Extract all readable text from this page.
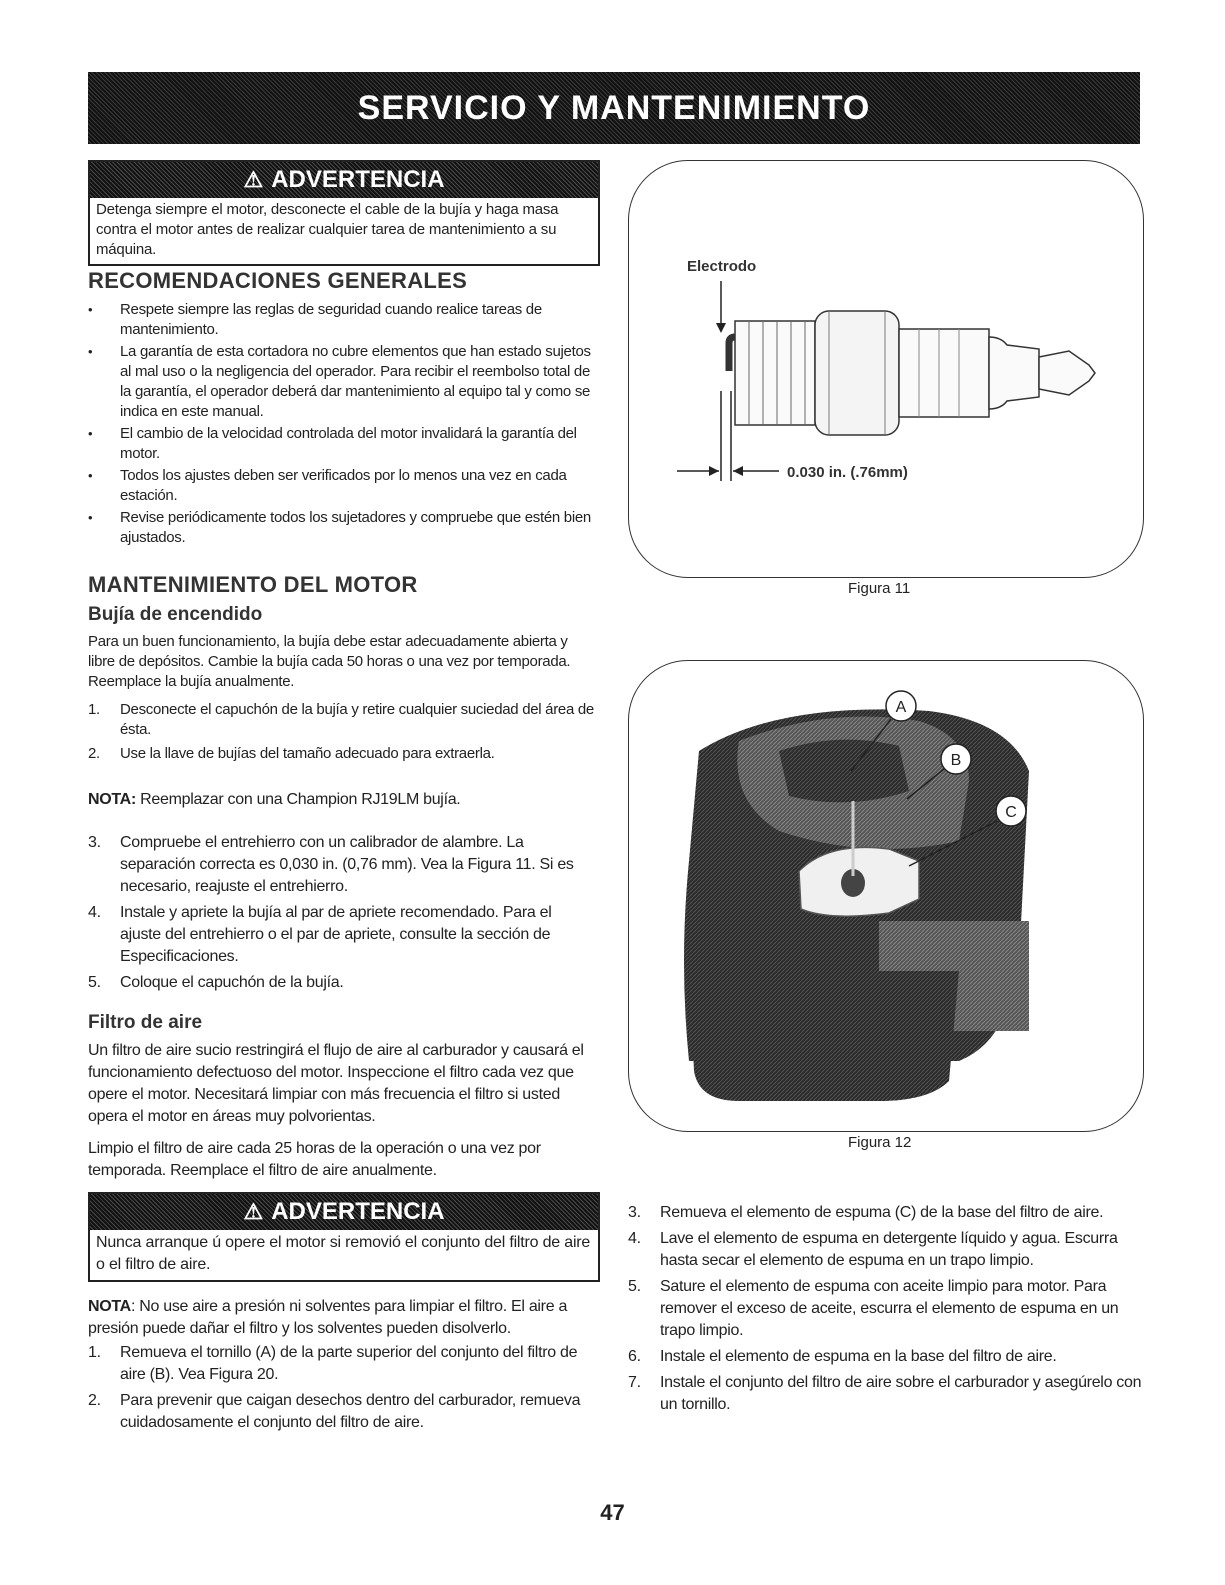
SERVICIO Y MANTENIMIENTO
⚠ ADVERTENCIA
Detenga siempre el motor, desconecte el cable de la bujía y haga masa contra el motor antes de realizar cualquier tarea de mantenimiento a su máquina.
RECOMENDACIONES GENERALES
• Respete siempre las reglas de seguridad cuando realice tareas de mantenimiento.
• La garantía de esta cortadora no cubre elementos que han estado sujetos al mal uso o la negligencia del operador. Para recibir el reembolso total de la garantía, el operador deberá dar mantenimiento al equipo tal y como se indica en este manual.
• El cambio de la velocidad controlada del motor invalidará la garantía del motor.
• Todos los ajustes deben ser verificados por lo menos una vez en cada estación.
• Revise periódicamente todos los sujetadores y compruebe que estén bien ajustados.
MANTENIMIENTO DEL MOTOR
Bujía de encendido
Para un buen funcionamiento, la bujía debe estar adecuadamente abierta y libre de depósitos. Cambie la bujía cada 50 horas o una vez por temporada. Reemplace la bujía anualmente.
1. Desconecte el capuchón de la bujía y retire cualquier suciedad del área de ésta.
2. Use la llave de bujías del tamaño adecuado para extraerla.
NOTA: Reemplazar con una Champion RJ19LM bujía.
3. Compruebe el entrehierro con un calibrador de alambre. La separación correcta es 0,030 in. (0,76 mm). Vea la Figura 11. Si es necesario, reajuste el entrehierro.
4. Instale y apriete la bujía al par de apriete recomendado. Para el ajuste del entrehierro o el par de apriete, consulte la sección de Especificaciones.
5. Coloque el capuchón de la bujía.
Filtro de aire
Un filtro de aire sucio restringirá el flujo de aire al carburador y causará el funcionamiento defectuoso del motor. Inspeccione el filtro cada vez que opere el motor. Necesitará limpiar con más frecuencia el filtro si usted opera el motor en áreas muy polvorientas.
Limpio el filtro de aire cada 25 horas de la operación o una vez por temporada. Reemplace el filtro de aire anualmente.
⚠ ADVERTENCIA
Nunca arranque ú opere el motor si removió el conjunto del filtro de aire o el filtro de aire.
NOTA: No use aire a presión ni solventes para limpiar el filtro. El aire a presión puede dañar el filtro y los solventes pueden disolverlo.
1. Remueva el tornillo (A) de la parte superior del conjunto del filtro de aire (B). Vea Figura 20.
2. Para prevenir que caigan desechos dentro del carburador, remueva cuidadosamente el conjunto del filtro de aire.
Electrodo
0.030 in. (.76mm)
Figura 11
A
B
C
Figura 12
3. Remueva el elemento de espuma (C) de la base del filtro de aire.
4. Lave el elemento de espuma en detergente líquido y agua. Escurra hasta secar el elemento de espuma en un trapo limpio.
5. Sature el elemento de espuma con aceite limpio para motor. Para remover el exceso de aceite, escurra el elemento de espuma en un trapo limpio.
6. Instale el elemento de espuma en la base del filtro de aire.
7. Instale el conjunto del filtro de aire sobre el carburador y asegúrelo con un tornillo.
47
